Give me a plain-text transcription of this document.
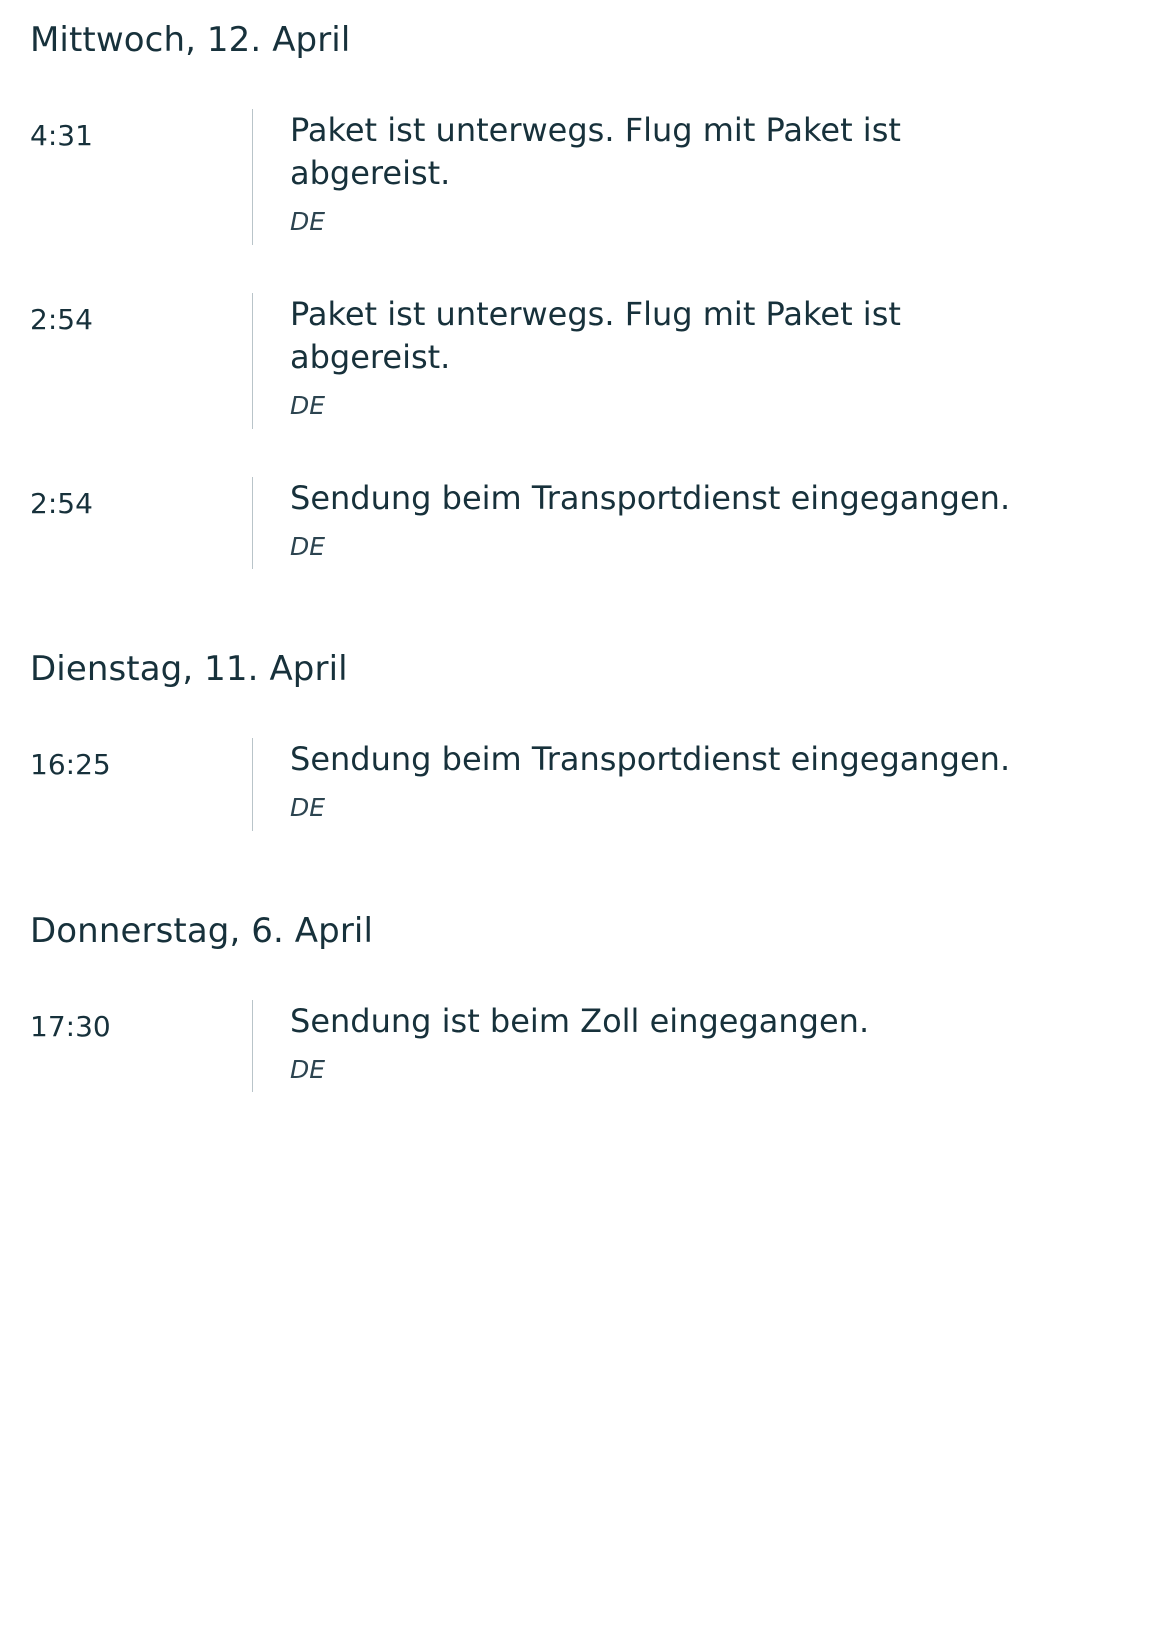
Mittwoch, 12. April
4:31	Paket ist unterwegs. Flug mit Paket ist abgereist.
DE
2:54	Paket ist unterwegs. Flug mit Paket ist abgereist.
DE
2:54	Sendung beim Transportdienst eingegangen.
DE
Dienstag, 11. April
16:25	Sendung beim Transportdienst eingegangen.
DE
Donnerstag, 6. April
17:30	Sendung ist beim Zoll eingegangen.
DE
